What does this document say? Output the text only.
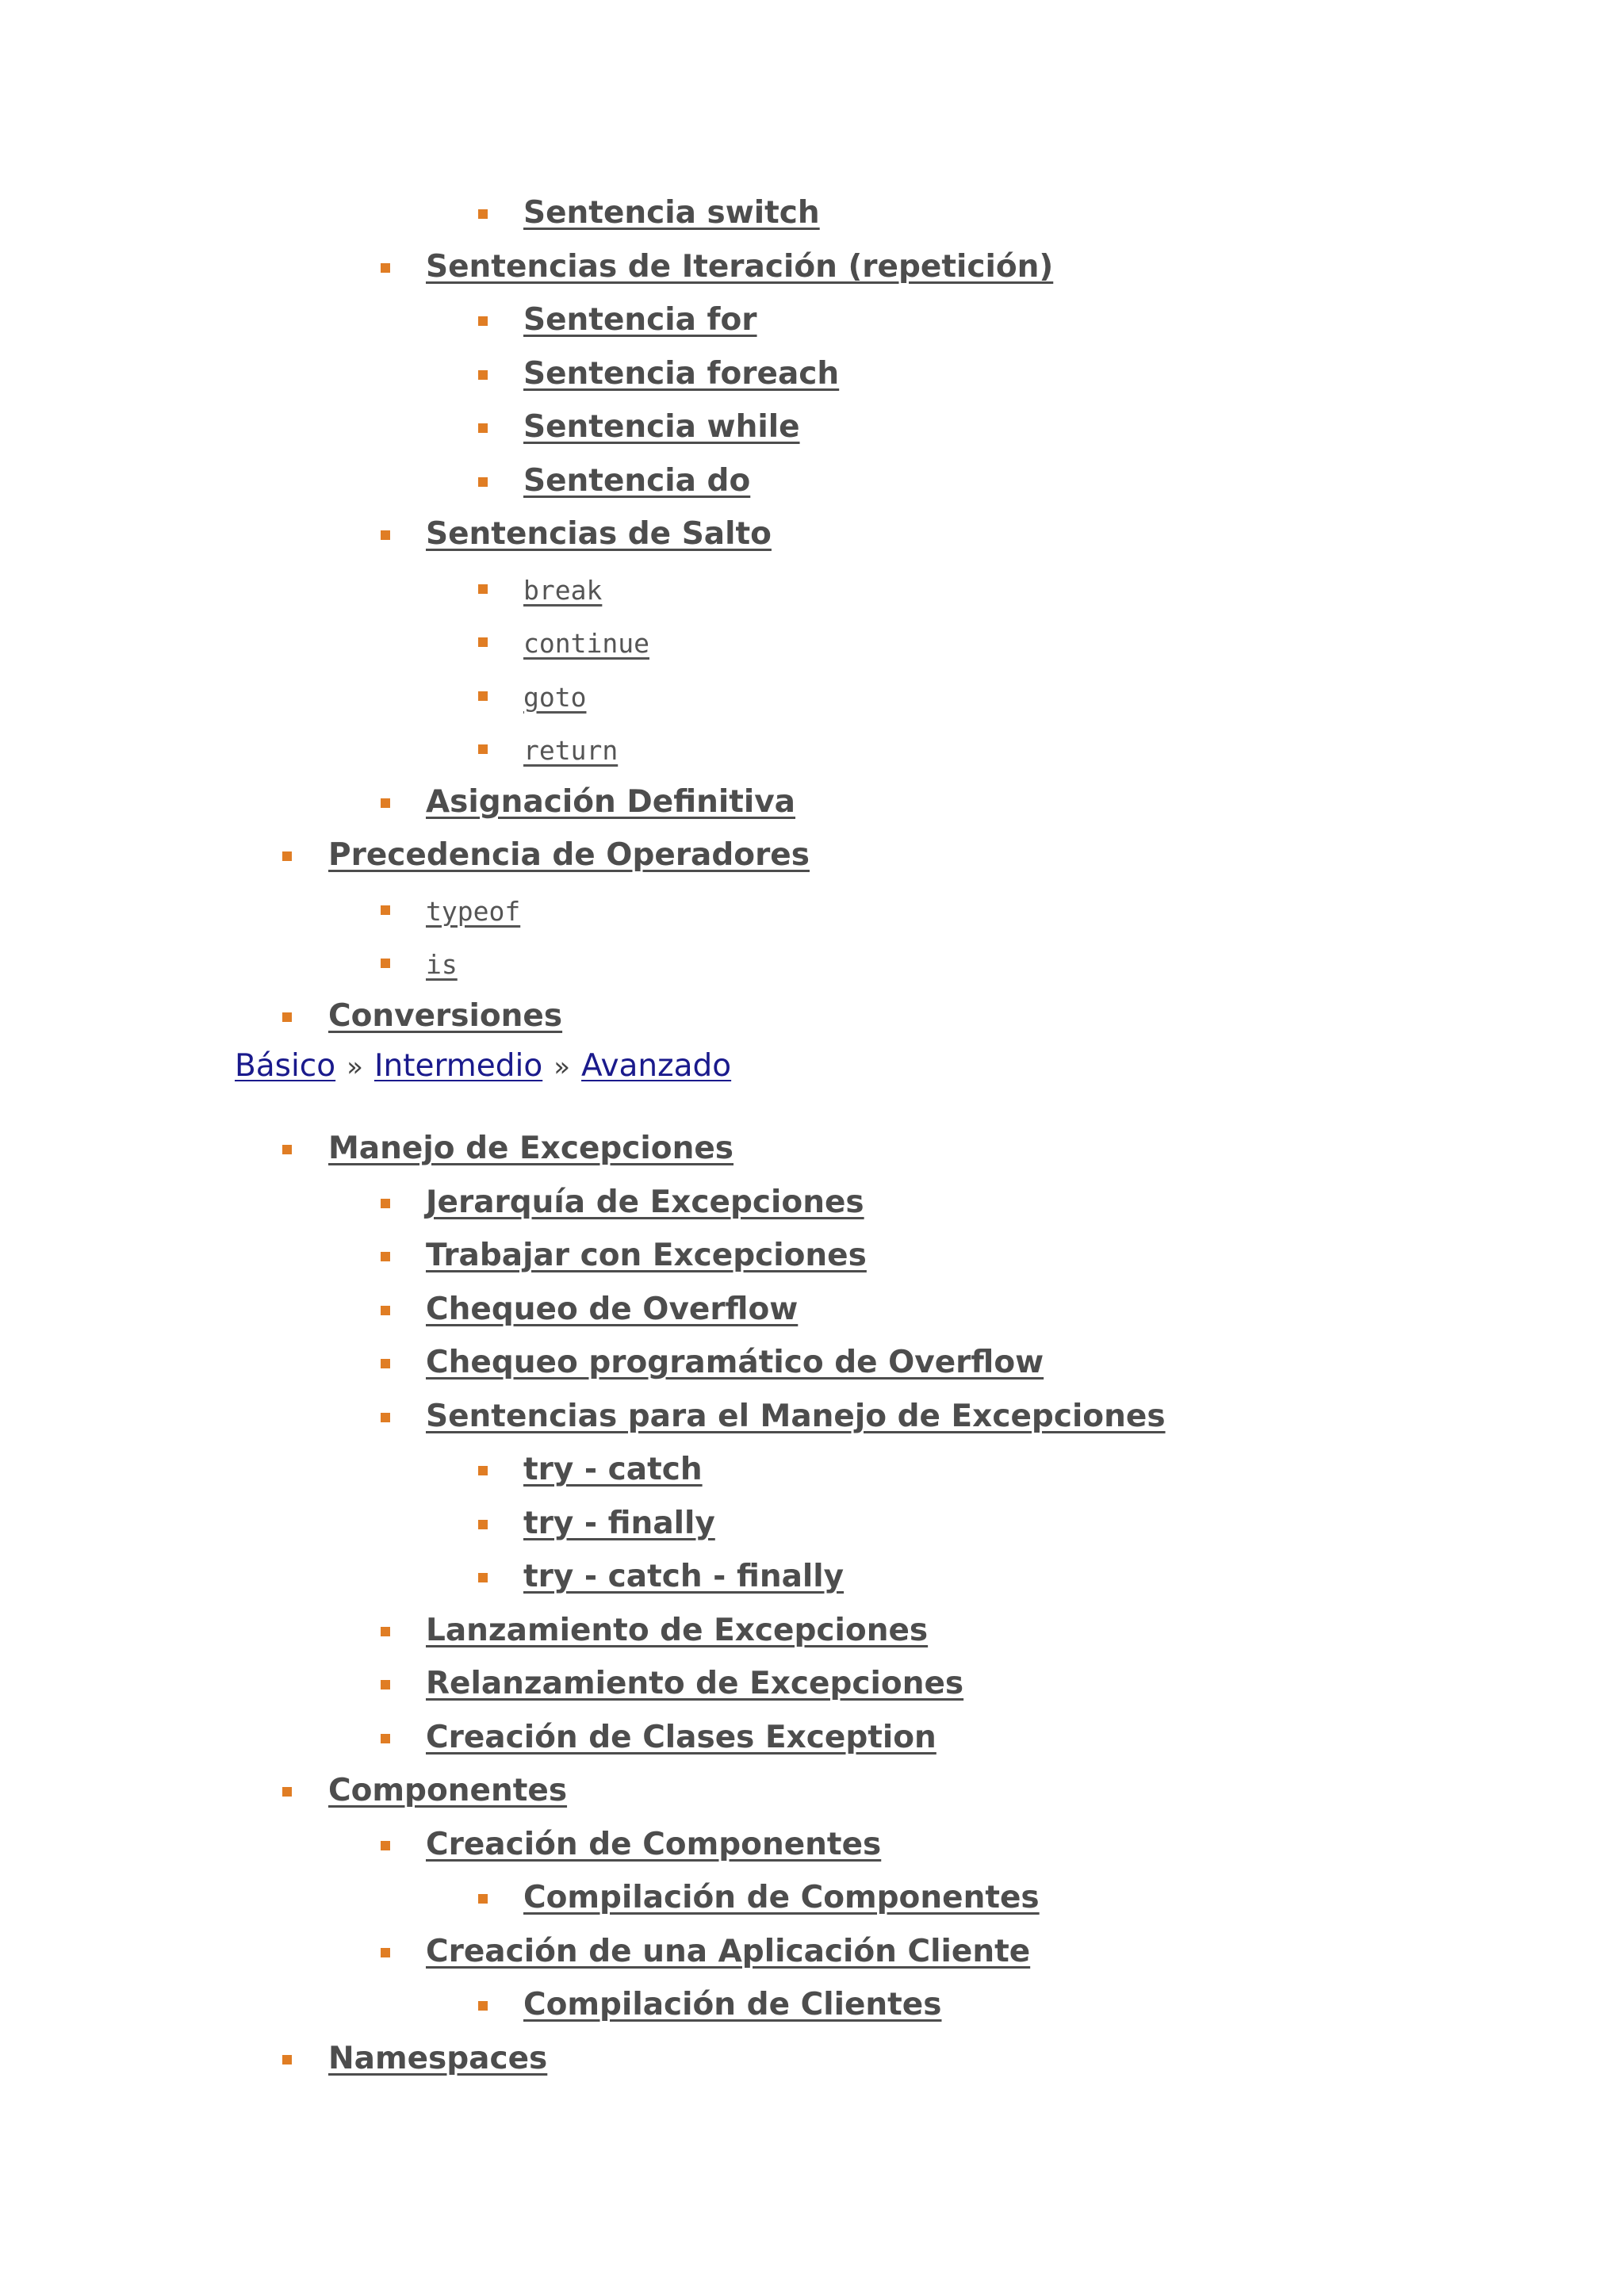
Sentencia switch
Sentencias de Iteración (repetición)
Sentencia for
Sentencia foreach
Sentencia while
Sentencia do
Sentencias de Salto
break
continue
goto
return
Asignación Definitiva
Precedencia de Operadores
typeof
is
Conversiones
Básico » Intermedio » Avanzado
Manejo de Excepciones
Jerarquía de Excepciones
Trabajar con Excepciones
Chequeo de Overflow
Chequeo programático de Overflow
Sentencias para el Manejo de Excepciones
try - catch
try - finally
try - catch - finally
Lanzamiento de Excepciones
Relanzamiento de Excepciones
Creación de Clases Exception
Componentes
Creación de Componentes
Compilación de Componentes
Creación de una Aplicación Cliente
Compilación de Clientes
Namespaces
